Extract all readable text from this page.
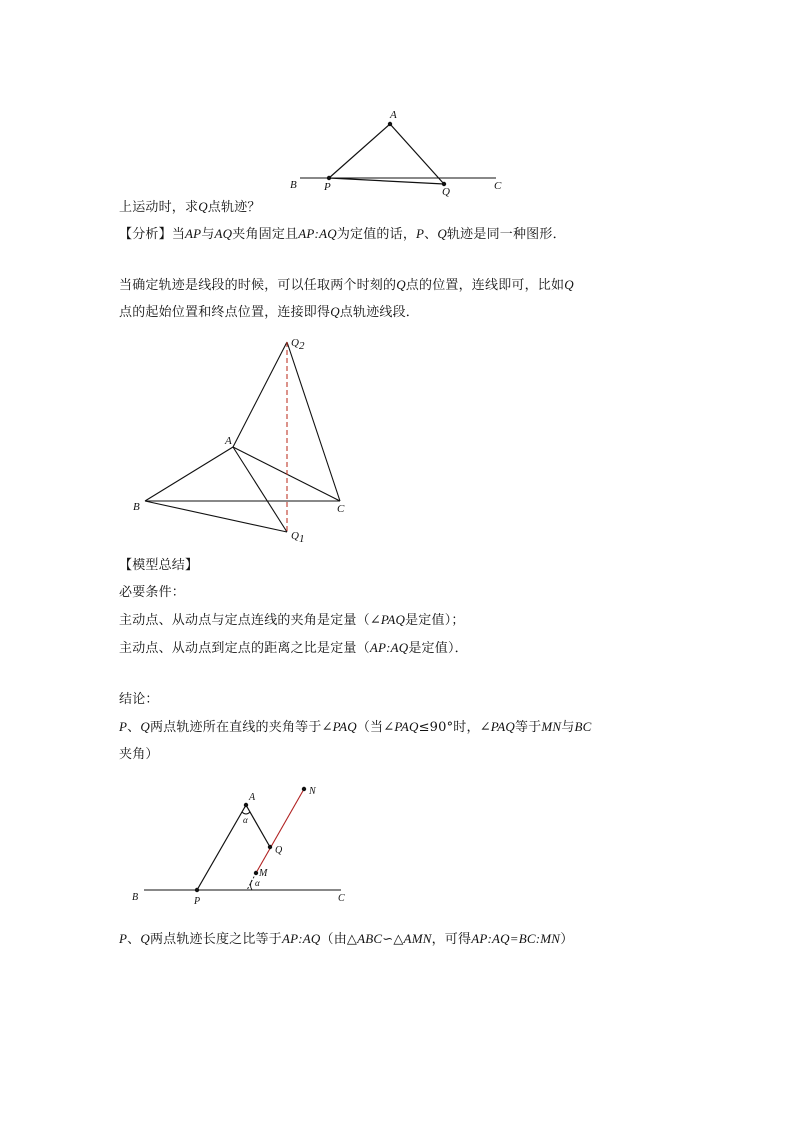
A
B P	Q	C
上运动时，求Q点轨迹？
【分析】当AP与AQ夹角固定且AP:AQ为定值的话，P、Q轨迹是同一种图形．
当确定轨迹是线段的时候，可以任取两个时刻的Q点的位置，连线即可，比如Q
点的起始位置和终点位置，连接即得Q点轨迹线段．
Q2
A
B	C
Q1
【模型总结】
必要条件：
主动点、从动点与定点连线的夹角是定量（∠PAQ是定值）；
主动点、从动点到定点的距离之比是定量（AP:AQ是定值）．
结论：
P、Q两点轨迹所在直线的夹角等于∠PAQ（当∠PAQ≤90°时，∠PAQ等于MN与BC
夹角）
A
N
α
Q
M
α
B	P	C
P、Q两点轨迹长度之比等于AP:AQ（由△ABC∽△AMN，可得AP:AQ=BC:MN）
